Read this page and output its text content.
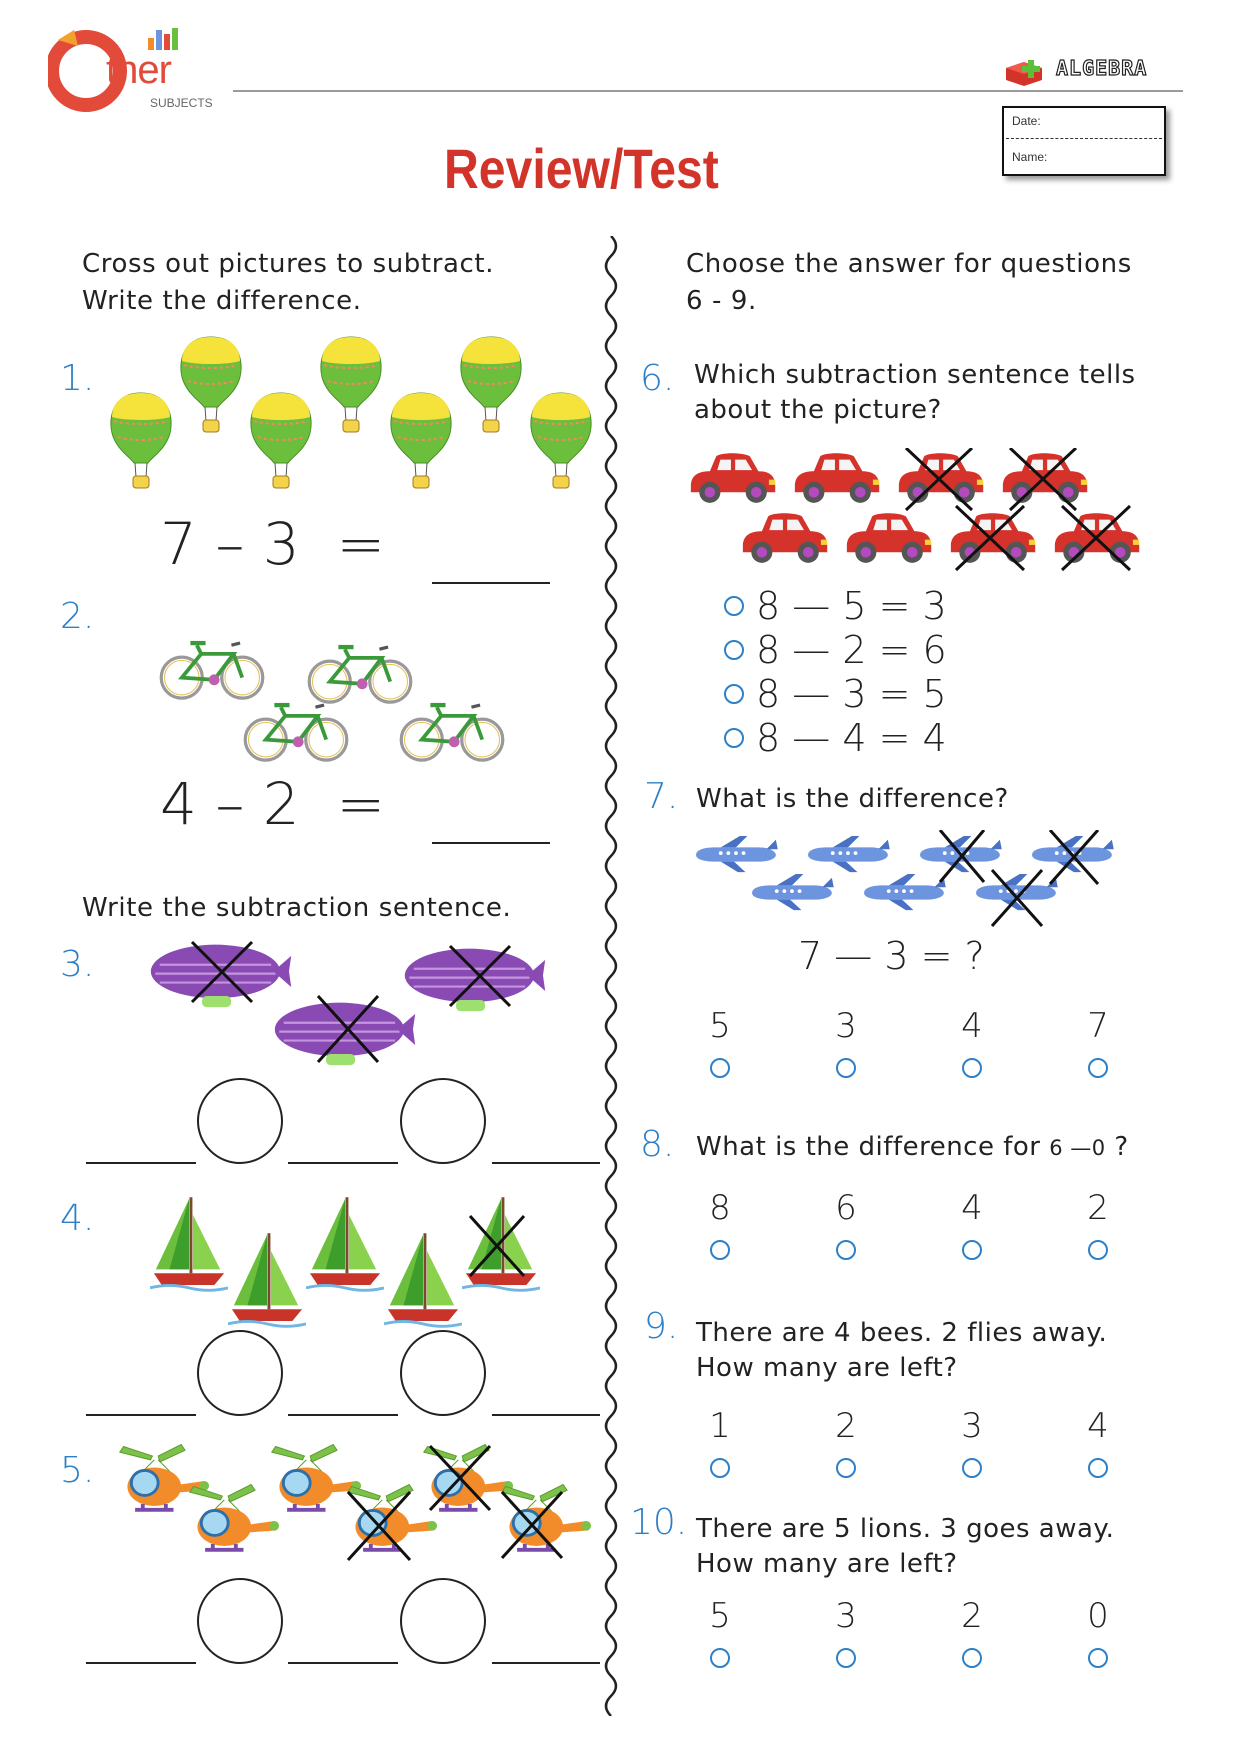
ther
SUBJECTS
ALGEBRA
Review/Test
Date:
Name:
Cross out pictures to subtract.
Write the difference.
1.
7 – 3  =
2.
4 – 2  =
Write the subtraction sentence.
3.
4.
5.
Choose the answer for questions
6 - 9.
6. Which subtraction sentence tells
about the picture?
8 — 5 = 3
8 — 2 = 6
8 — 3 = 5
8 — 4 = 4
7. What is the difference?
7 — 3 = ?
5	3	4	7
8. What is the difference for 6 —0 ?
8	6	4	2
9. There are 4 bees. 2 flies away.
How many are left?
1	2	3	4
10. There are 5 lions. 3 goes away.
How many are left?
5	3	2	0
